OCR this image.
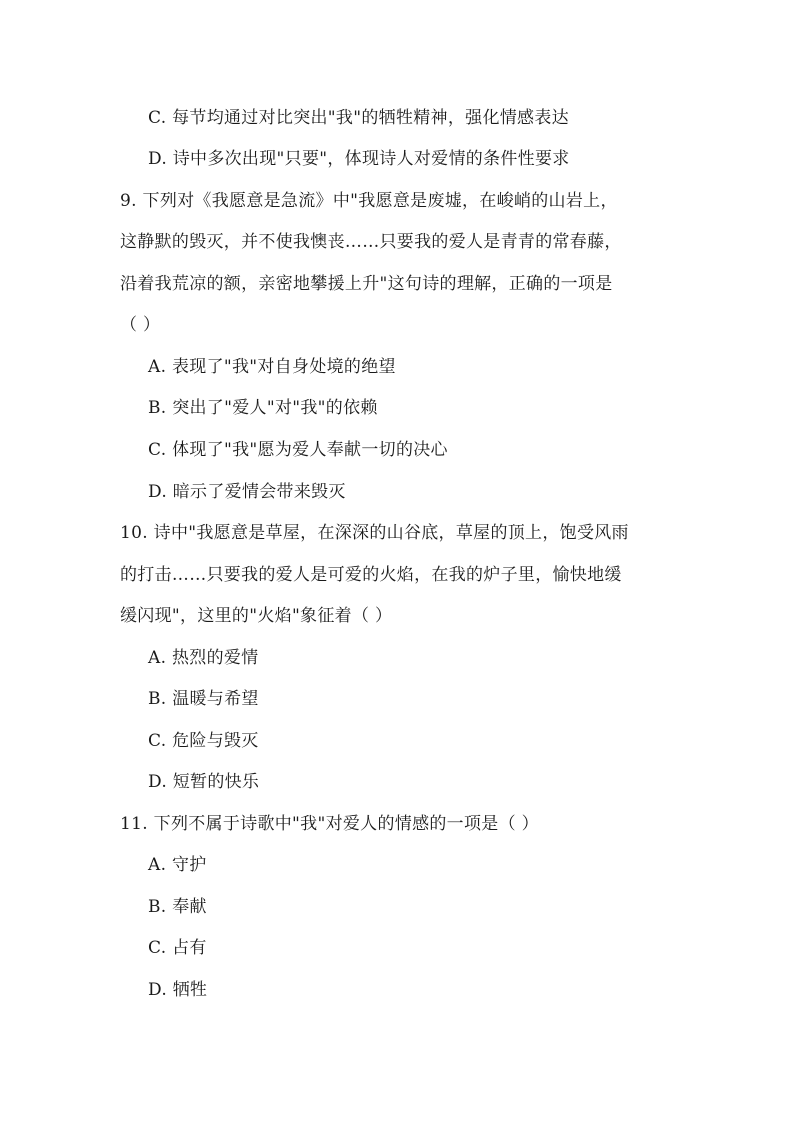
C. 每节均通过对比突出"我"的牺牲精神，强化情感表达
D. 诗中多次出现"只要"，体现诗人对爱情的条件性要求
9. 下列对《我愿意是急流》中"我愿意是废墟，在峻峭的山岩上，
这静默的毁灭，并不使我懊丧……只要我的爱人是青青的常春藤，
沿着我荒凉的额，亲密地攀援上升"这句诗的理解，正确的一项是
（ ）
A. 表现了"我"对自身处境的绝望
B. 突出了"爱人"对"我"的依赖
C. 体现了"我"愿为爱人奉献一切的决心
D. 暗示了爱情会带来毁灭
10. 诗中"我愿意是草屋，在深深的山谷底，草屋的顶上，饱受风雨
的打击……只要我的爱人是可爱的火焰，在我的炉子里，愉快地缓
缓闪现"，这里的"火焰"象征着（ ）
A. 热烈的爱情
B. 温暖与希望
C. 危险与毁灭
D. 短暂的快乐
11. 下列不属于诗歌中"我"对爱人的情感的一项是（ ）
A. 守护
B. 奉献
C. 占有
D. 牺牲
